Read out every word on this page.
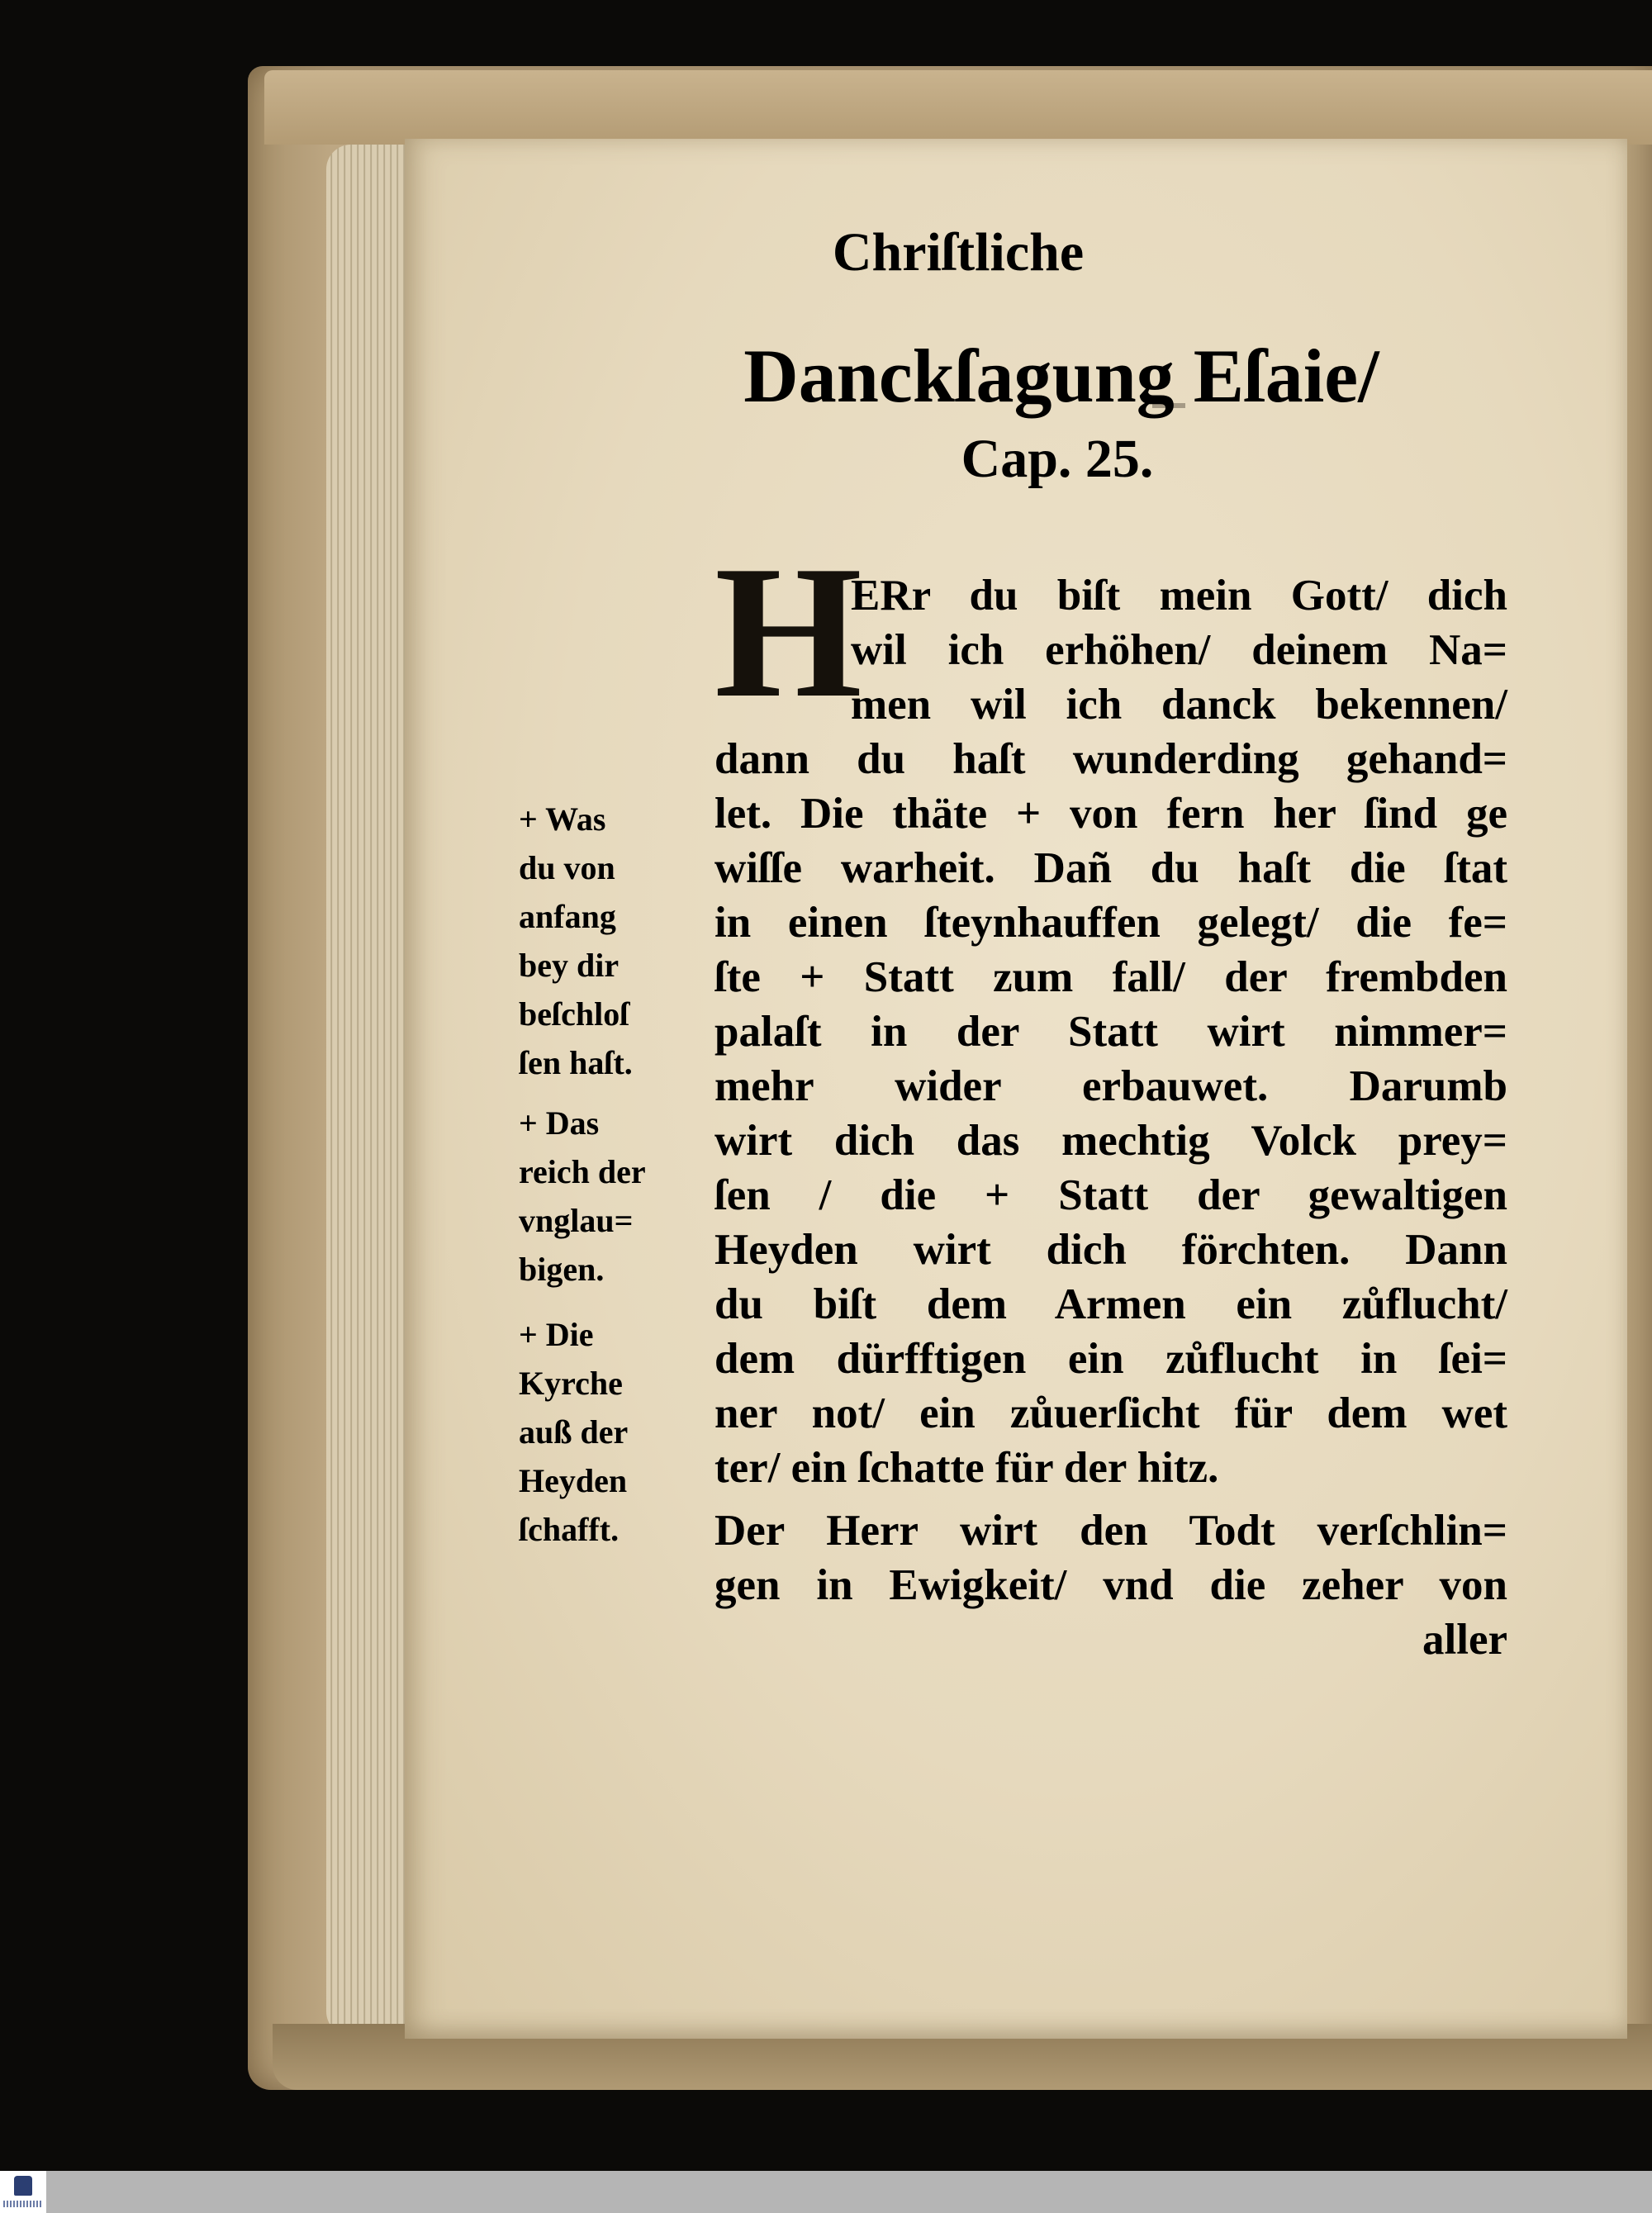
Chriſtliche
Danckſagung Eſaie/
Cap. 25.
H
ERr du biſt mein Gott/ dich
wil ich erhöhen/ deinem Na=
men wil ich danck bekennen/
dann du haſt wunderding gehand=
let. Die thäte + von fern her ſind ge
wiſſe warheit. Dañ du haſt die ſtat
in einen ſteynhauffen gelegt/ die fe=
ſte + Statt zum fall/ der frembden
palaſt in der Statt wirt nimmer=
mehr wider erbauwet. Darumb
wirt dich das mechtig Volck prey=
ſen / die + Statt der gewaltigen
Heyden wirt dich förchten. Dann
du biſt dem Armen ein zůflucht/
dem dürfftigen ein zůflucht in ſei=
ner not/ ein zůuerſicht für dem wet
ter/ ein ſchatte für der hitz.
Der Herr wirt den Todt verſchlin=
gen in Ewigkeit/ vnd die zeher von
aller
+ Was
du von
anfang
bey dir
beſchloſ
ſen haſt.
+ Das
reich der
vnglau=
bigen.
+ Die
Kyrche
auß der
Heyden
ſchafft.
